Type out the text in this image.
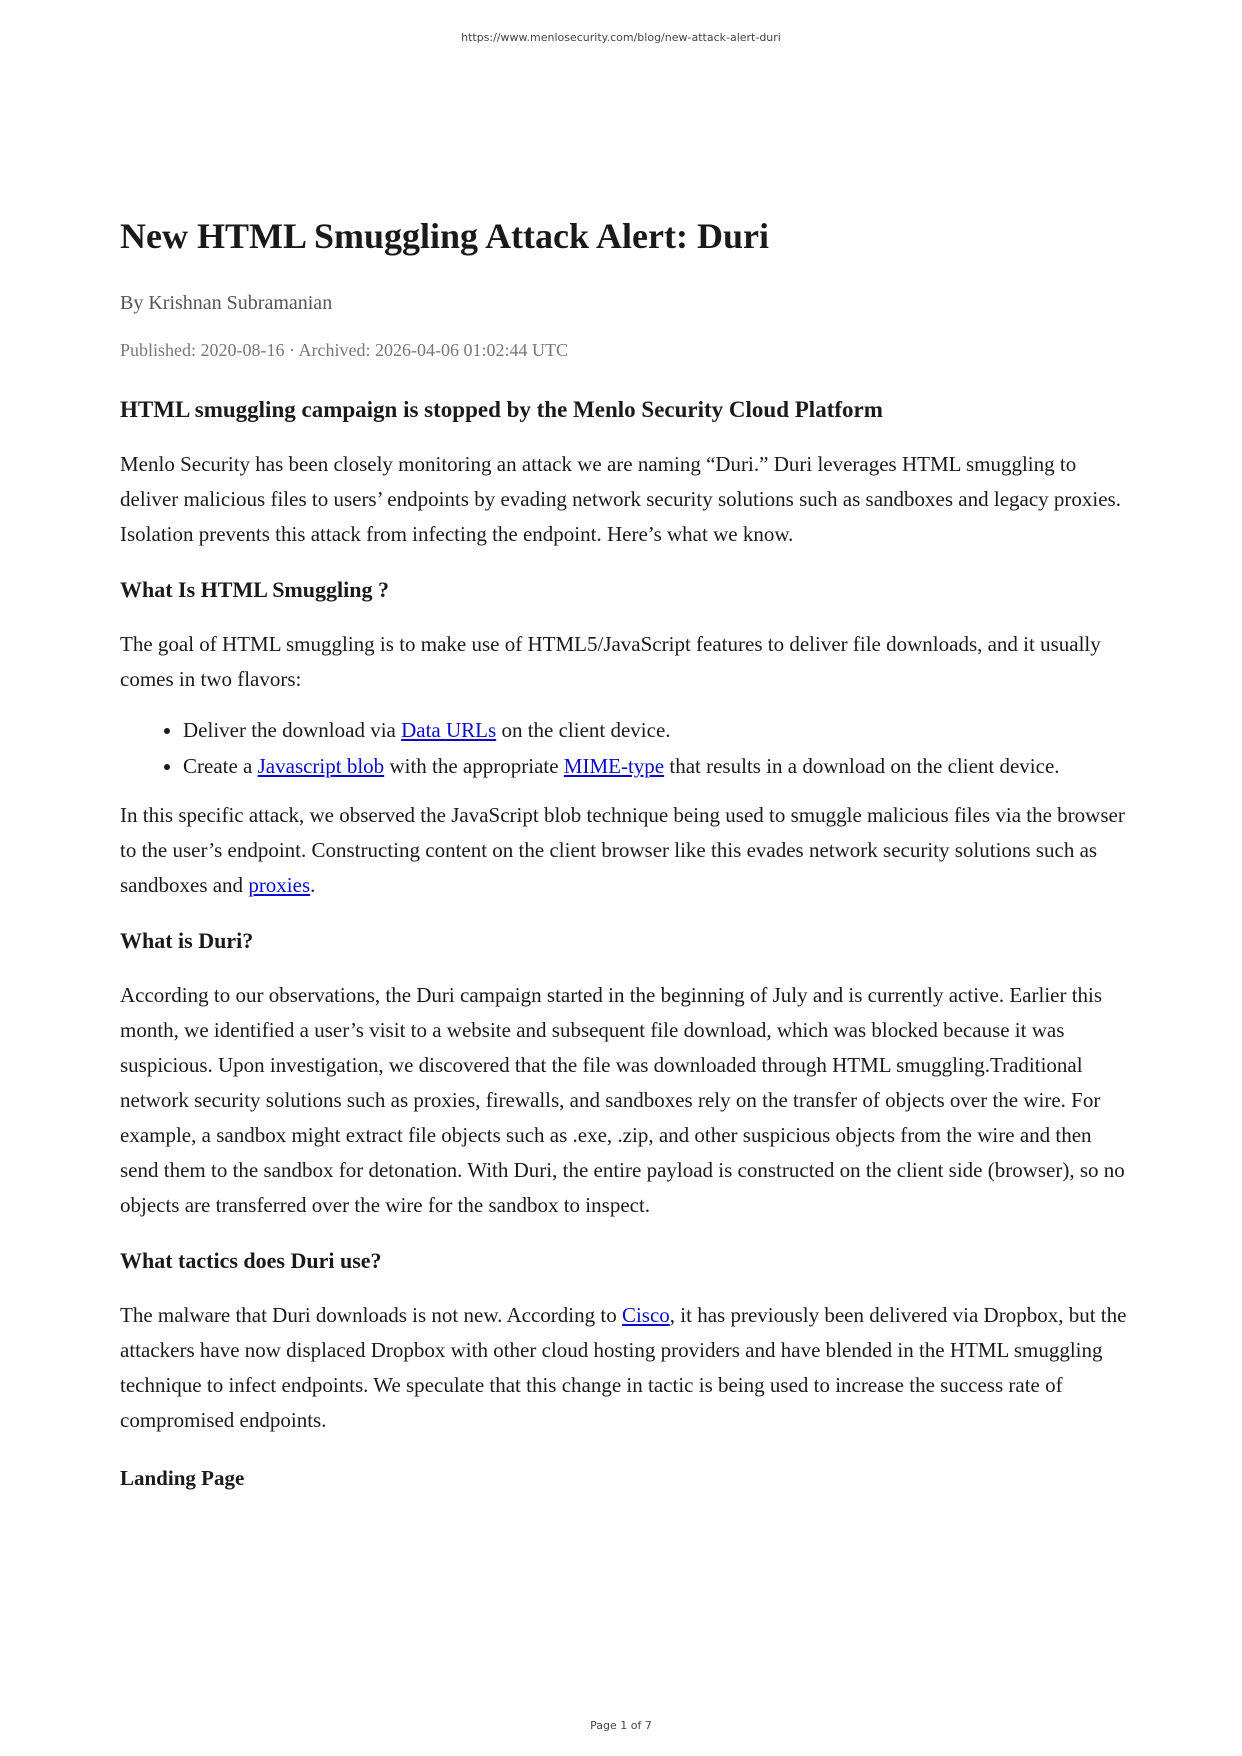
https://www.menlosecurity.com/blog/new-attack-alert-duri
New HTML Smuggling Attack Alert: Duri
By Krishnan Subramanian
Published: 2020-08-16 · Archived: 2026-04-06 01:02:44 UTC
HTML smuggling campaign is stopped by the Menlo Security Cloud Platform

Menlo Security has been closely monitoring an attack we are naming “Duri.” Duri leverages HTML smuggling to deliver malicious files to users’ endpoints by evading network security solutions such as sandboxes and legacy proxies. Isolation prevents this attack from infecting the endpoint. Here’s what we know.

What Is HTML Smuggling ?

The goal of HTML smuggling is to make use of HTML5/JavaScript features to deliver file downloads, and it usually comes in two flavors:

• Deliver the download via Data URLs on the client device.
• Create a Javascript blob with the appropriate MIME-type that results in a download on the client device.

In this specific attack, we observed the JavaScript blob technique being used to smuggle malicious files via the browser to the user’s endpoint. Constructing content on the client browser like this evades network security solutions such as sandboxes and proxies.

What is Duri?

According to our observations, the Duri campaign started in the beginning of July and is currently active. Earlier this month, we identified a user’s visit to a website and subsequent file download, which was blocked because it was suspicious. Upon investigation, we discovered that the file was downloaded through HTML smuggling.Traditional network security solutions such as proxies, firewalls, and sandboxes rely on the transfer of objects over the wire. For example, a sandbox might extract file objects such as .exe, .zip, and other suspicious objects from the wire and then send them to the sandbox for detonation. With Duri, the entire payload is constructed on the client side (browser), so no objects are transferred over the wire for the sandbox to inspect.

What tactics does Duri use?

The malware that Duri downloads is not new. According to Cisco, it has previously been delivered via Dropbox, but the attackers have now displaced Dropbox with other cloud hosting providers and have blended in the HTML smuggling technique to infect endpoints. We speculate that this change in tactic is being used to increase the success rate of compromised endpoints.

Landing Page
Page 1 of 7
